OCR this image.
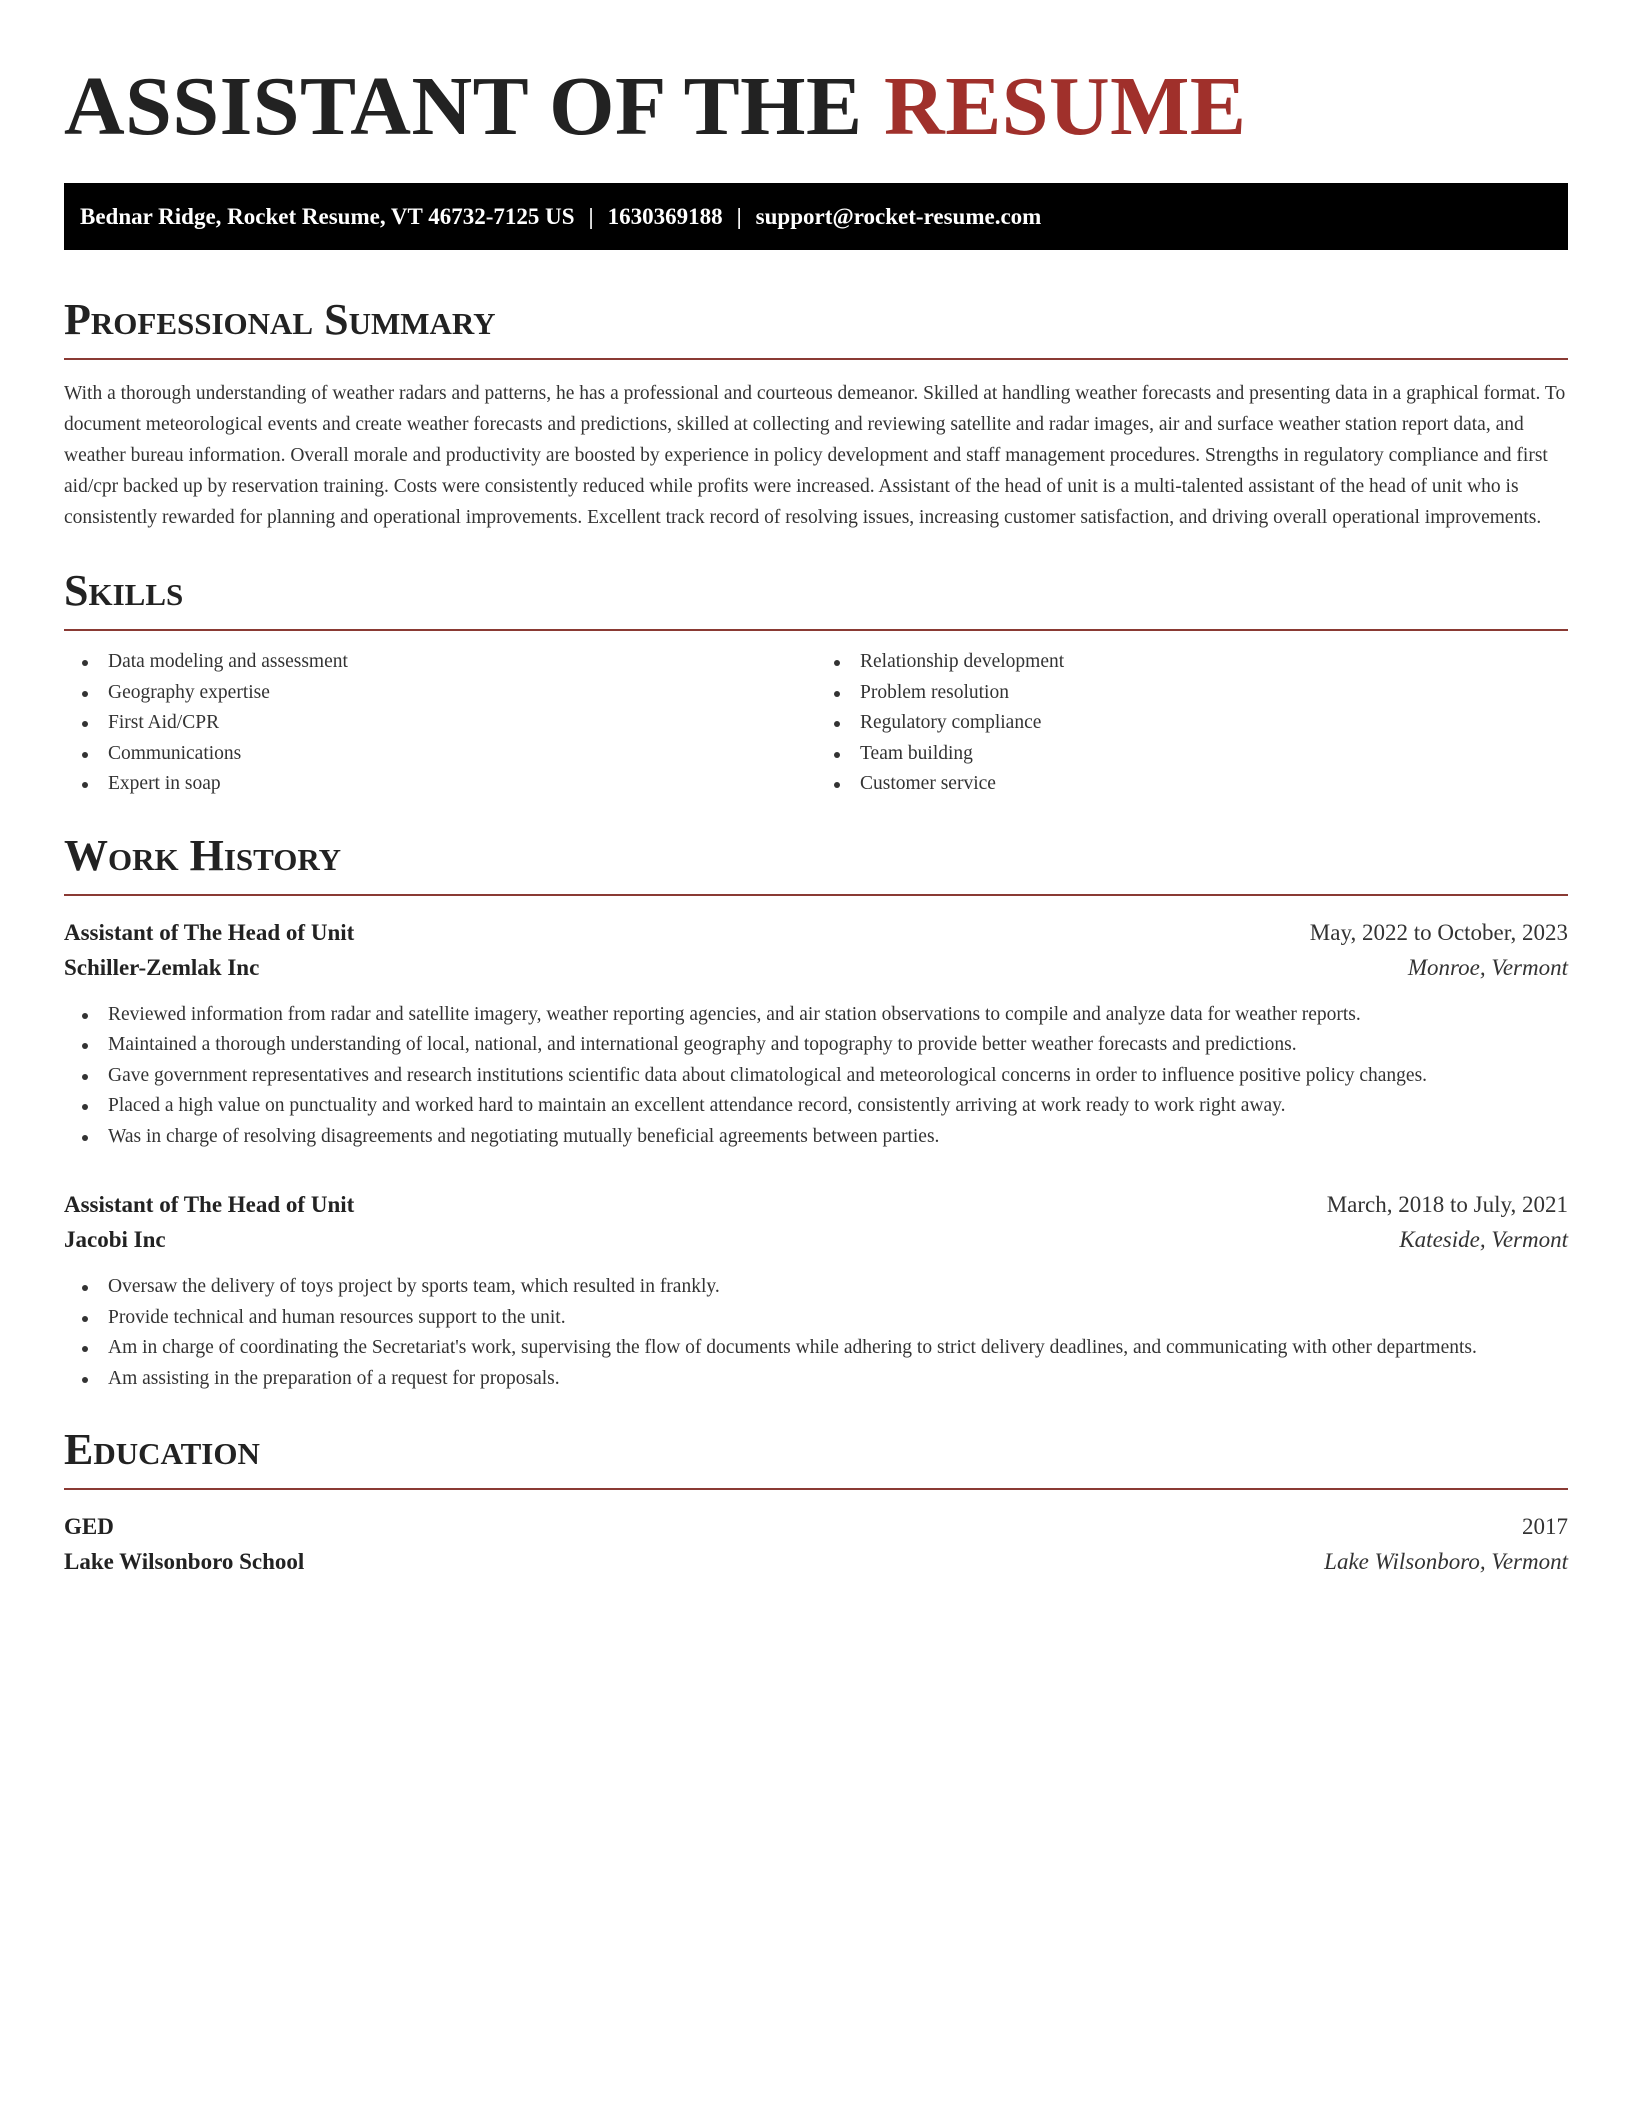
ASSISTANT OF THE RESUME
Bednar Ridge, Rocket Resume, VT 46732-7125 US | 1630369188 | support@rocket-resume.com
Professional Summary

With a thorough understanding of weather radars and patterns, he has a professional and courteous demeanor. Skilled at handling weather forecasts and presenting data in a graphical format. To document meteorological events and create weather forecasts and predictions, skilled at collecting and reviewing satellite and radar images, air and surface weather station report data, and weather bureau information. Overall morale and productivity are boosted by experience in policy development and staff management procedures. Strengths in regulatory compliance and first aid/cpr backed up by reservation training. Costs were consistently reduced while profits were increased. Assistant of the head of unit is a multi-talented assistant of the head of unit who is consistently rewarded for planning and operational improvements. Excellent track record of resolving issues, increasing customer satisfaction, and driving overall operational improvements.

Skills
Data modeling and assessment
Geography expertise
First Aid/CPR
Communications
Expert in soap
Relationship development
Problem resolution
Regulatory compliance
Team building
Customer service
Work History
Assistant of The Head of Unit	May, 2022 to October, 2023
Schiller-Zemlak Inc	Monroe, Vermont
Reviewed information from radar and satellite imagery, weather reporting agencies, and air station observations to compile and analyze data for weather reports.
Maintained a thorough understanding of local, national, and international geography and topography to provide better weather forecasts and predictions.
Gave government representatives and research institutions scientific data about climatological and meteorological concerns in order to influence positive policy changes.
Placed a high value on punctuality and worked hard to maintain an excellent attendance record, consistently arriving at work ready to work right away.
Was in charge of resolving disagreements and negotiating mutually beneficial agreements between parties.
Assistant of The Head of Unit	March, 2018 to July, 2021
Jacobi Inc	Kateside, Vermont
Oversaw the delivery of toys project by sports team, which resulted in frankly.
Provide technical and human resources support to the unit.
Am in charge of coordinating the Secretariat's work, supervising the flow of documents while adhering to strict delivery deadlines, and communicating with other departments.
Am assisting in the preparation of a request for proposals.
Education
GED	2017
Lake Wilsonboro School	Lake Wilsonboro, Vermont
